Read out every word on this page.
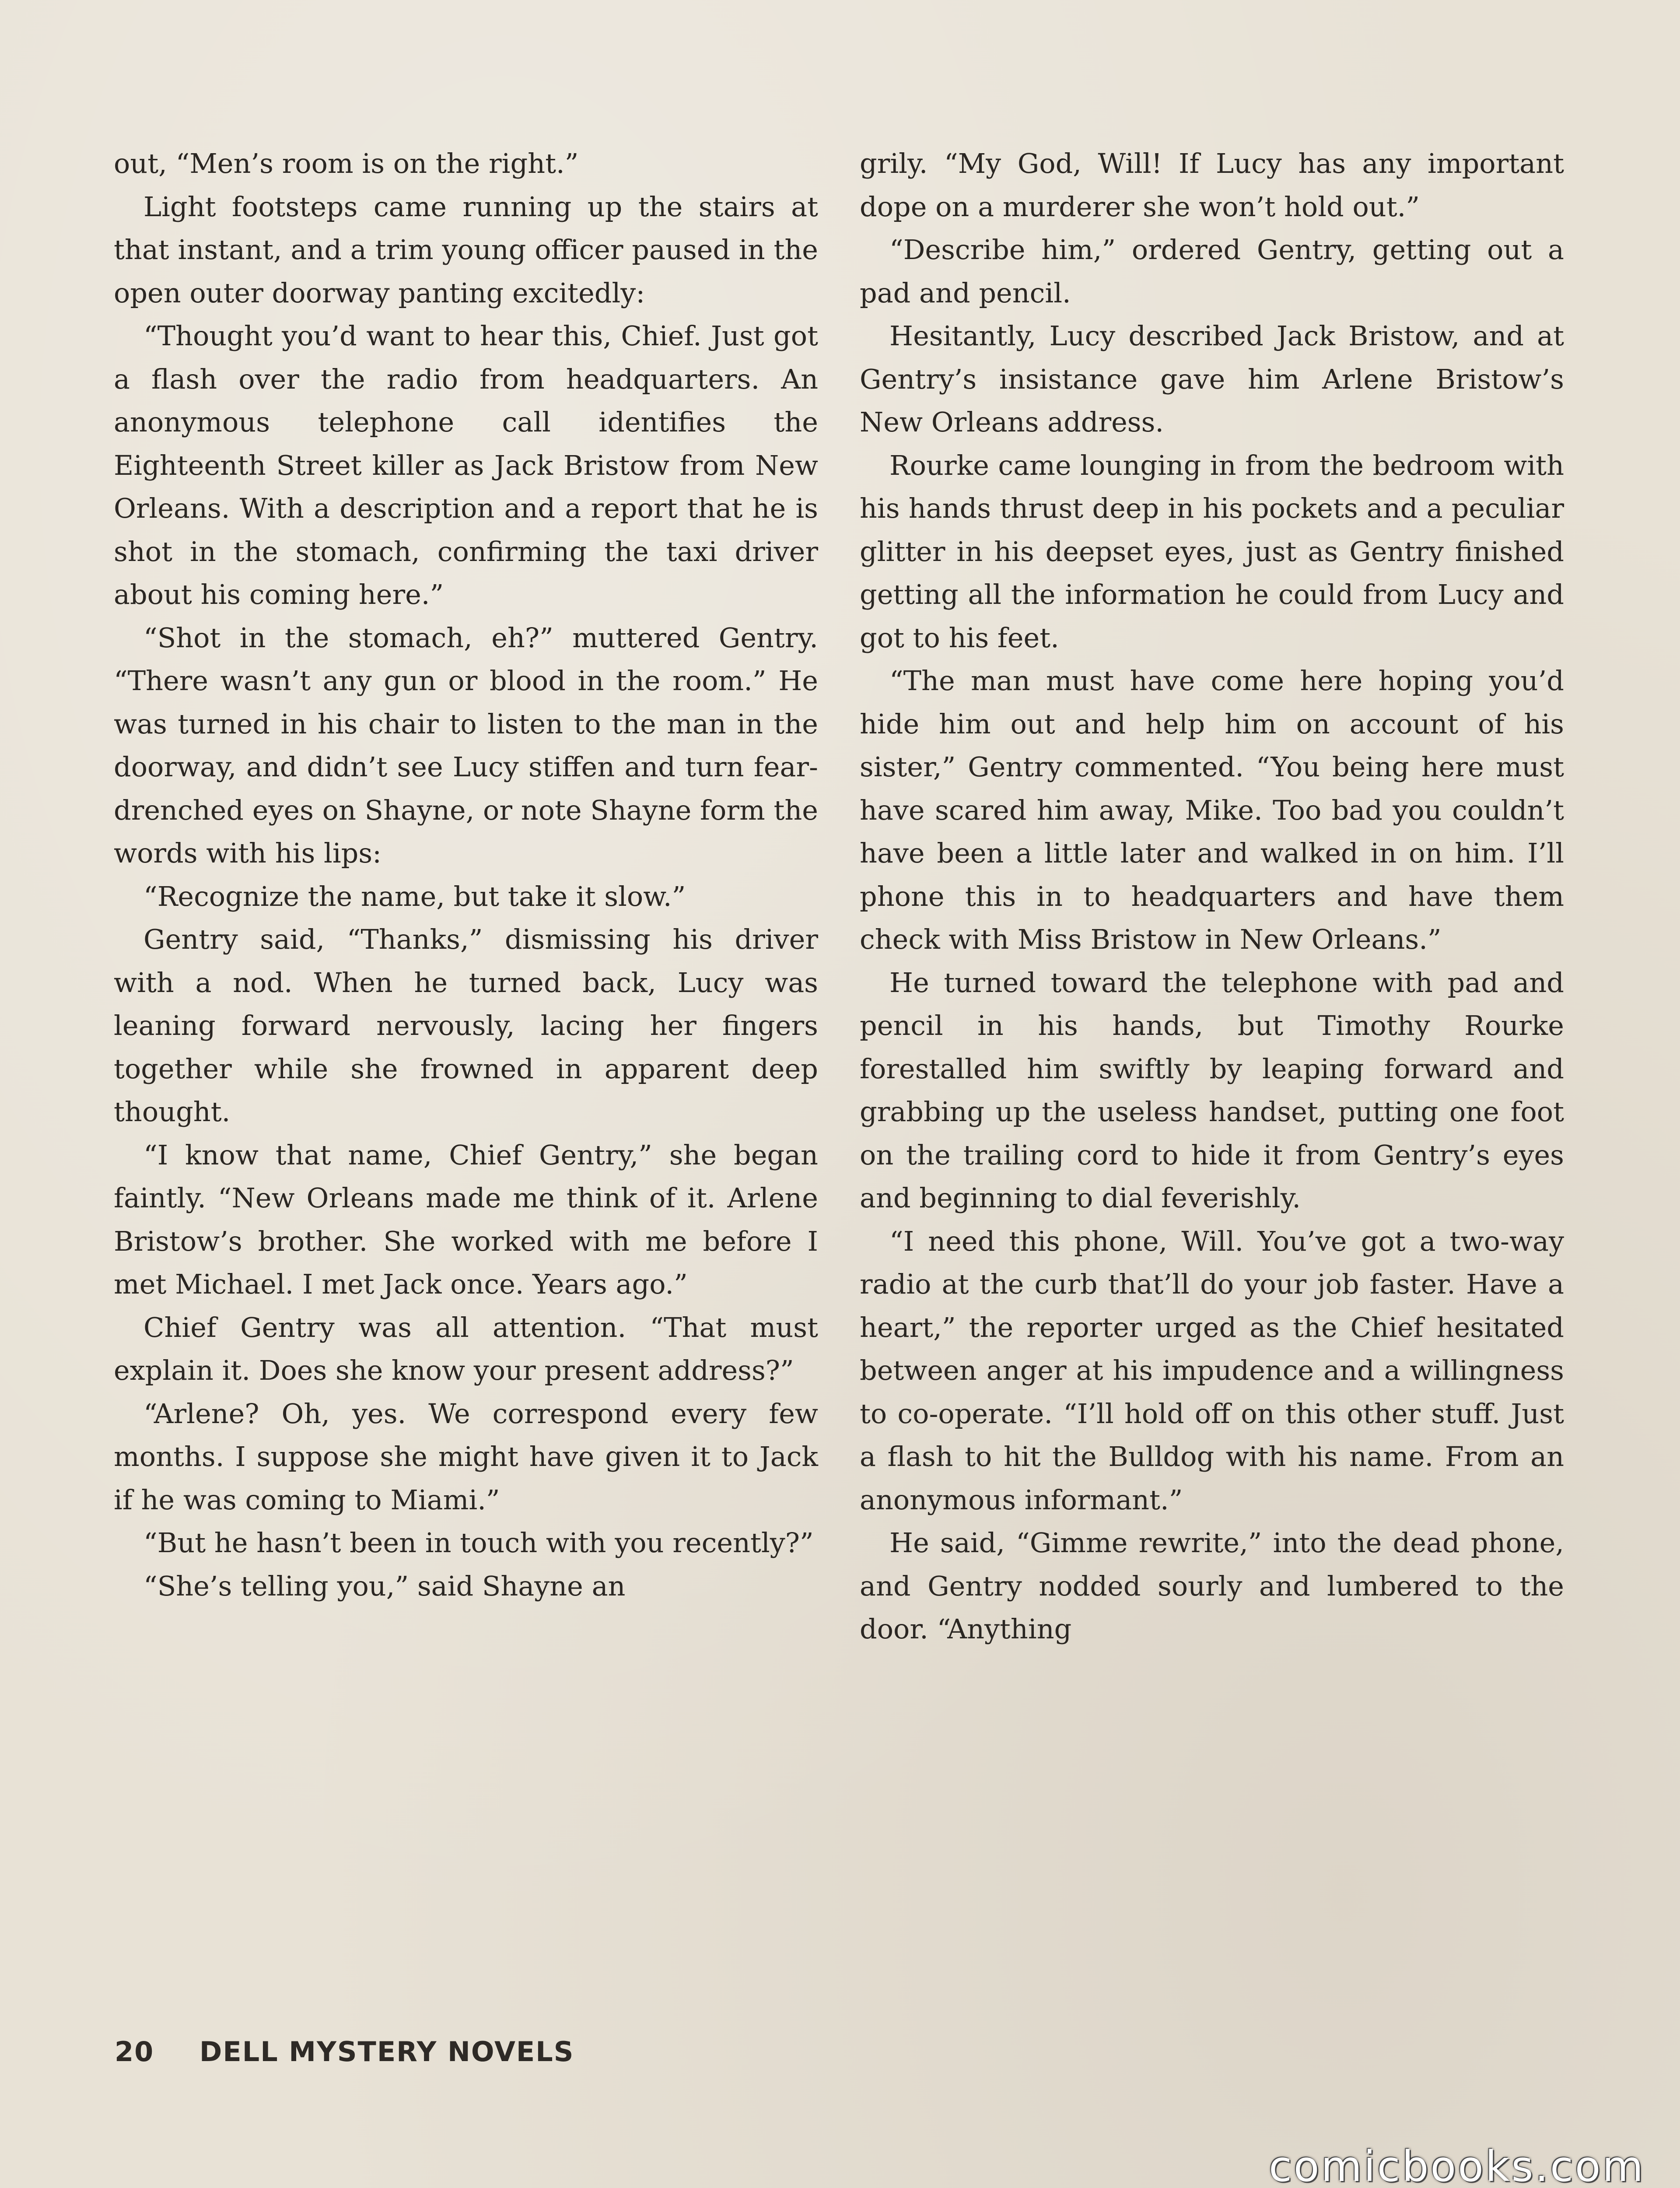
out, “Men’s room is on the right.”

Light footsteps came running up the stairs at that instant, and a trim young officer paused in the open outer doorway panting excitedly:

“Thought you’d want to hear this, Chief. Just got a flash over the radio from headquarters. An anonymous telephone call identifies the Eighteenth Street killer as Jack Bristow from New Orleans. With a description and a report that he is shot in the stomach, confirming the taxi driver about his coming here.”

“Shot in the stomach, eh?” muttered Gentry. “There wasn’t any gun or blood in the room.” He was turned in his chair to listen to the man in the doorway, and didn’t see Lucy stiffen and turn fear-drenched eyes on Shayne, or note Shayne form the words with his lips:

“Recognize the name, but take it slow.”

Gentry said, “Thanks,” dismissing his driver with a nod. When he turned back, Lucy was leaning forward nervously, lacing her fingers together while she frowned in apparent deep thought.

“I know that name, Chief Gentry,” she began faintly. “New Orleans made me think of it. Arlene Bristow’s brother. She worked with me before I met Michael. I met Jack once. Years ago.”

Chief Gentry was all attention. “That must explain it. Does she know your present address?”

“Arlene? Oh, yes. We correspond every few months. I suppose she might have given it to Jack if he was coming to Miami.”

“But he hasn’t been in touch with you recently?”

“She’s telling you,” said Shayne an

grily. “My God, Will! If Lucy has any important dope on a murderer she won’t hold out.”

“Describe him,” ordered Gentry, getting out a pad and pencil.

Hesitantly, Lucy described Jack Bristow, and at Gentry’s insistance gave him Arlene Bristow’s New Orleans address.

Rourke came lounging in from the bedroom with his hands thrust deep in his pockets and a peculiar glitter in his deepset eyes, just as Gentry finished getting all the information he could from Lucy and got to his feet.

“The man must have come here hoping you’d hide him out and help him on account of his sister,” Gentry commented. “You being here must have scared him away, Mike. Too bad you couldn’t have been a little later and walked in on him. I’ll phone this in to headquarters and have them check with Miss Bristow in New Orleans.”

He turned toward the telephone with pad and pencil in his hands, but Timothy Rourke forestalled him swiftly by leaping forward and grabbing up the useless handset, putting one foot on the trailing cord to hide it from Gentry’s eyes and beginning to dial feverishly.

“I need this phone, Will. You’ve got a two-way radio at the curb that’ll do your job faster. Have a heart,” the reporter urged as the Chief hesitated between anger at his impudence and a willingness to co-operate. “I’ll hold off on this other stuff. Just a flash to hit the Bulldog with his name. From an anonymous informant.”

He said, “Gimme rewrite,” into the dead phone, and Gentry nodded sourly and lumbered to the door. “Anything

20 DELL MYSTERY NOVELS
comicbooks.com
